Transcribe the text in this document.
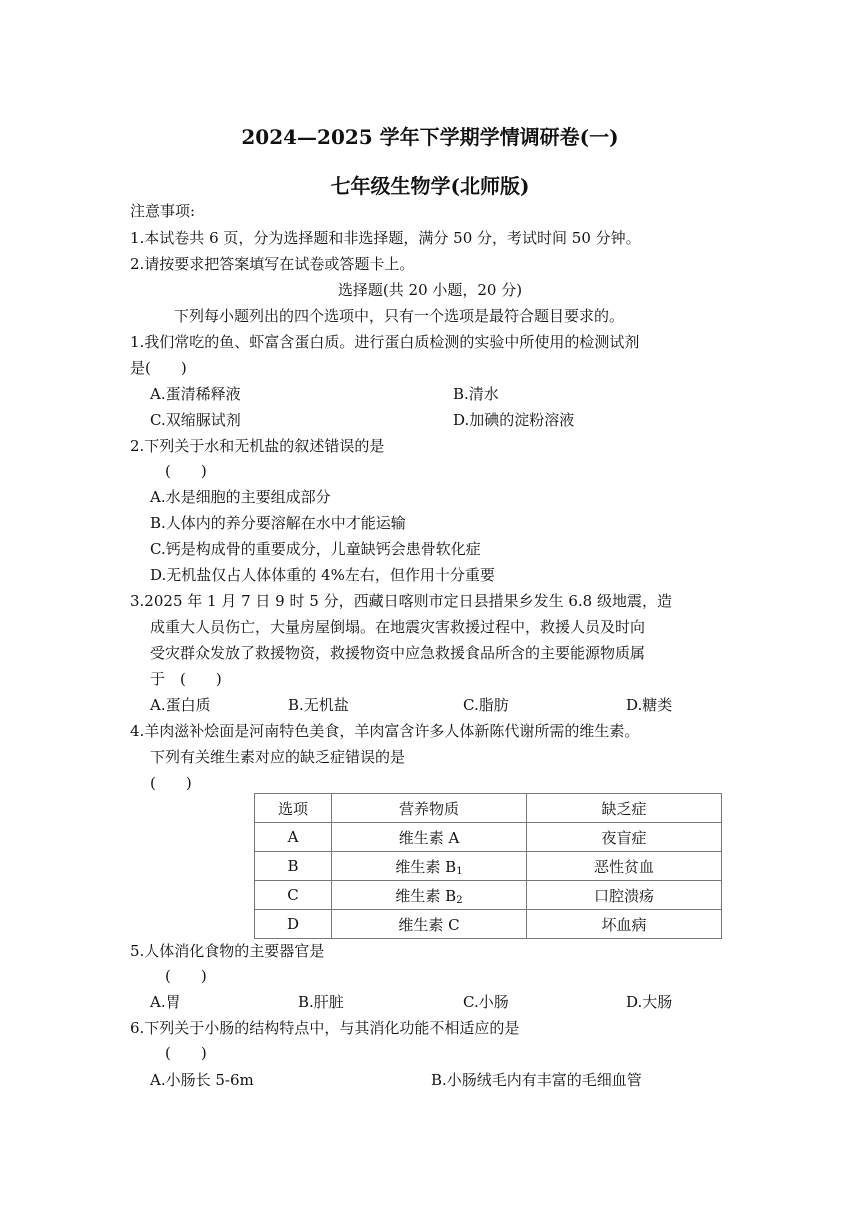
2024—2025 学年下学期学情调研卷(一)
七年级生物学(北师版)
注意事项:
1.本试卷共 6 页，分为选择题和非选择题，满分 50 分，考试时间 50 分钟。
2.请按要求把答案填写在试卷或答题卡上。
选择题(共 20 小题，20 分)
下列每小题列出的四个选项中，只有一个选项是最符合题目要求的。
1.我们常吃的鱼、虾富含蛋白质。进行蛋白质检测的实验中所使用的检测试剂
是(　　)
A.蛋清稀释液	B.清水
C.双缩脲试剂	D.加碘的淀粉溶液
2.下列关于水和无机盐的叙述错误的是
(　　)
A.水是细胞的主要组成部分
B.人体内的养分要溶解在水中才能运输
C.钙是构成骨的重要成分，儿童缺钙会患骨软化症
D.无机盐仅占人体体重的 4%左右，但作用十分重要
3.2025 年 1 月 7 日 9 时 5 分，西藏日喀则市定日县措果乡发生 6.8 级地震，造
成重大人员伤亡，大量房屋倒塌。在地震灾害救援过程中，救援人员及时向
受灾群众发放了救援物资，救援物资中应急救援食品所含的主要能源物质属
于　(　　)
A.蛋白质	B.无机盐	C.脂肪	D.糖类
4.羊肉滋补烩面是河南特色美食，羊肉富含许多人体新陈代谢所需的维生素。
下列有关维生素对应的缺乏症错误的是
(　　)
选项	营养物质	缺乏症
A	维生素 A	夜盲症
B	维生素 $B_1$	恶性贫血
C	维生素 $B_2$	口腔溃疡
D	维生素 C	坏血病
5.人体消化食物的主要器官是
(　　)
A.胃	B.肝脏	C.小肠	D.大肠
6.下列关于小肠的结构特点中，与其消化功能不相适应的是
(　　)
A.小肠长 5-6m	B.小肠绒毛内有丰富的毛细血管
